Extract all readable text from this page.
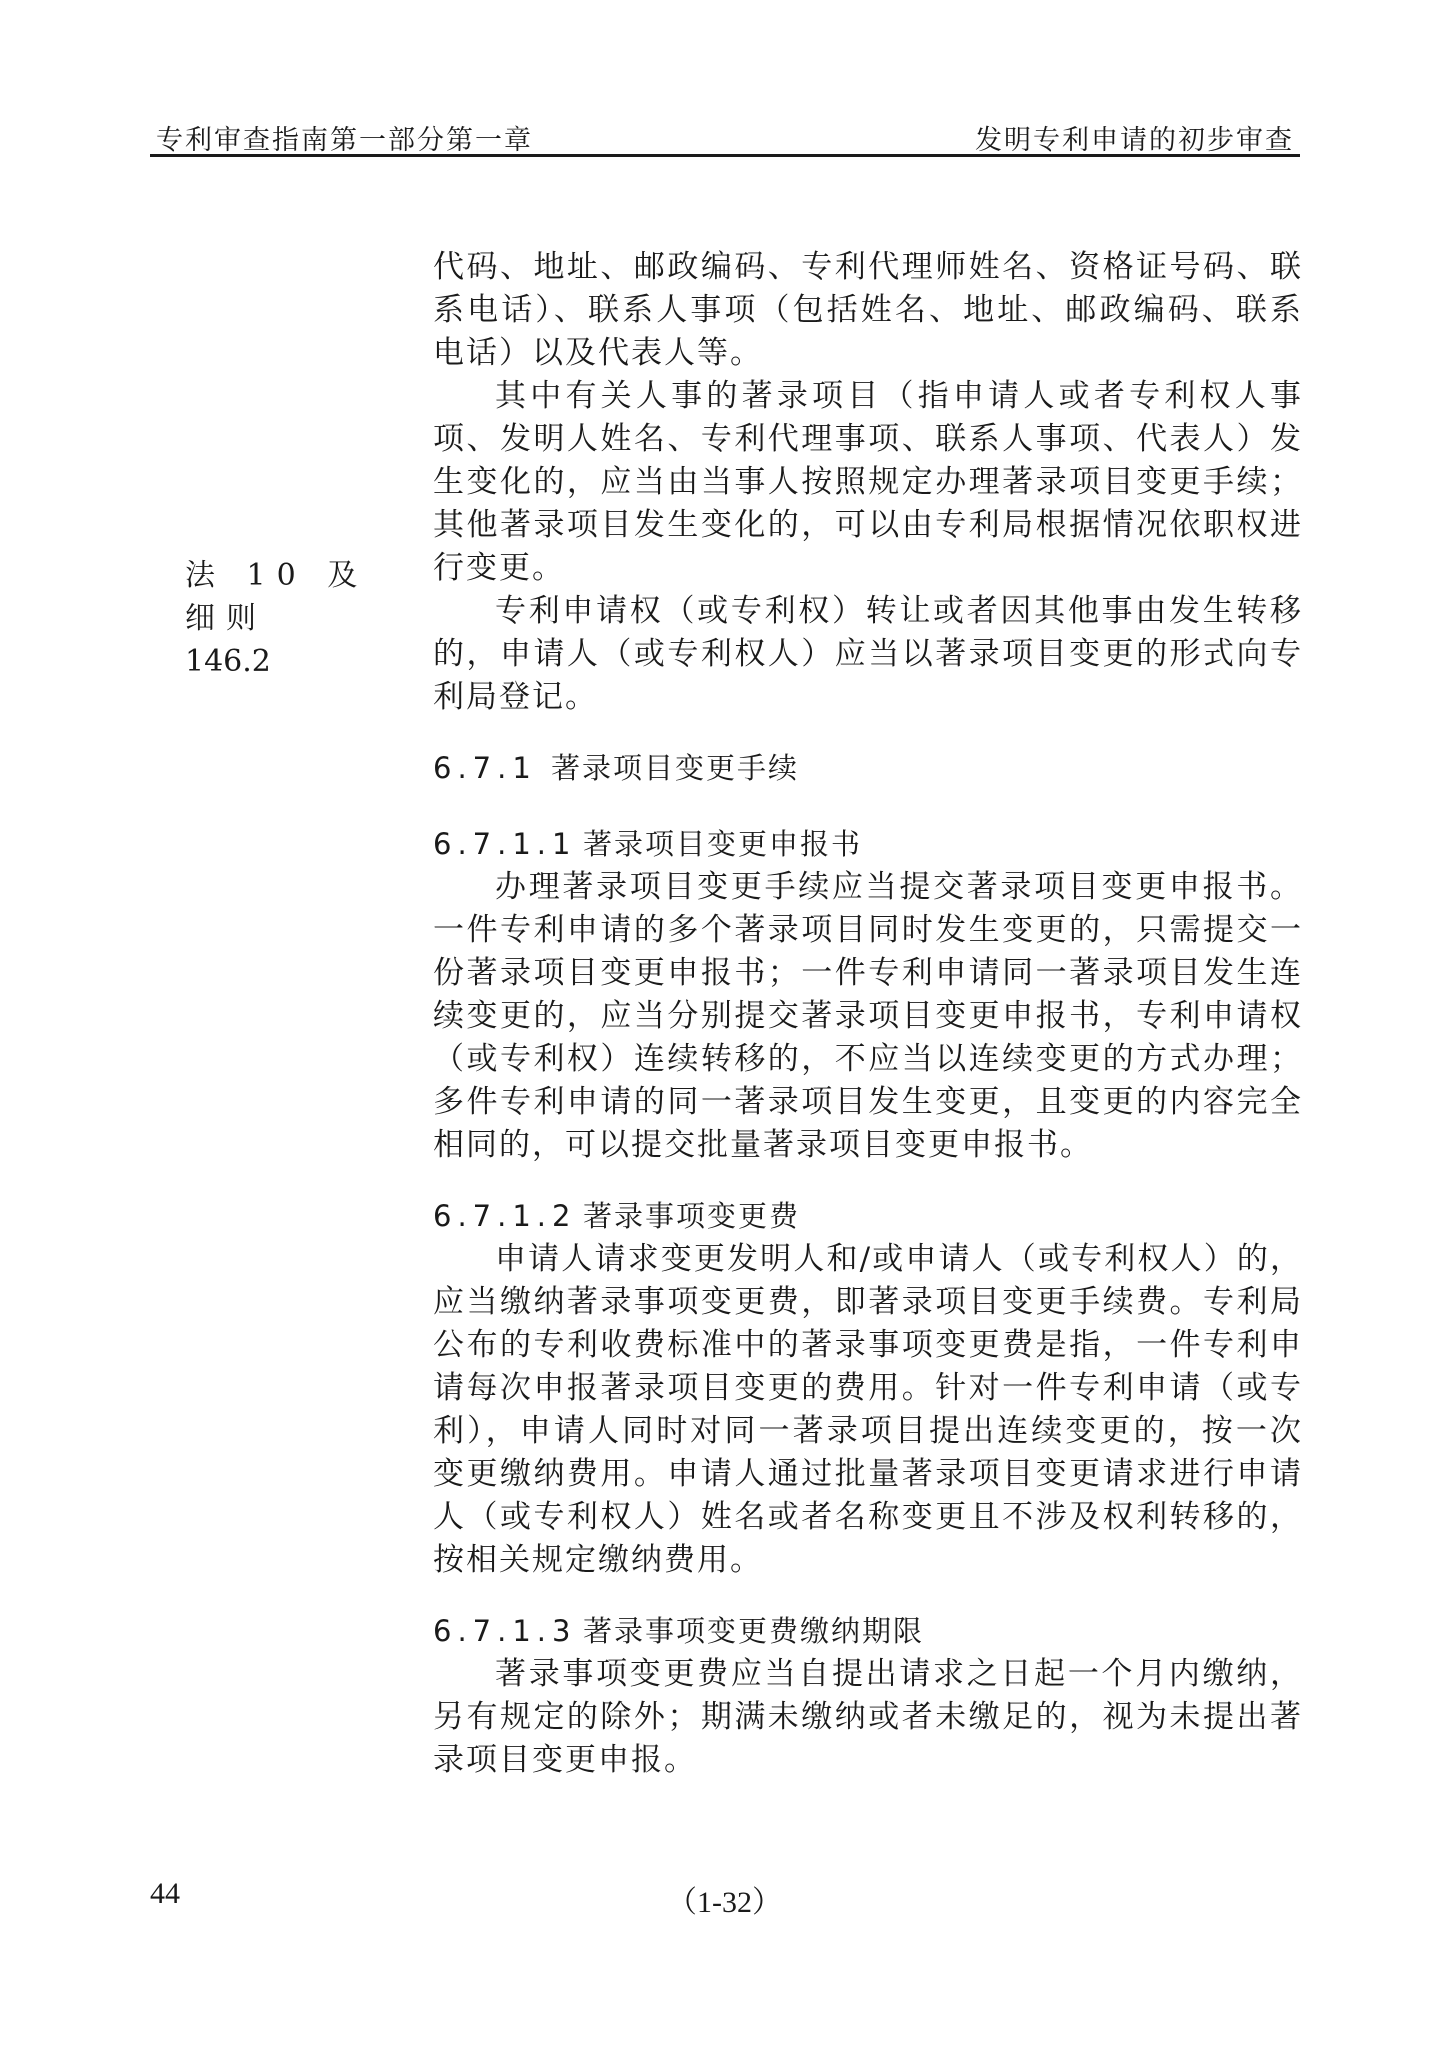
专利审查指南第一部分第一章	发明专利申请的初步审查
法 10 及细则
146.2

代码、地址、邮政编码、专利代理师姓名、资格证号码、联系电话）、联系人事项（包括姓名、地址、邮政编码、联系电话）以及代表人等。

其中有关人事的著录项目（指申请人或者专利权人事项、发明人姓名、专利代理事项、联系人事项、代表人）发生变化的，应当由当事人按照规定办理著录项目变更手续；其他著录项目发生变化的，可以由专利局根据情况依职权进行变更。

专利申请权（或专利权）转让或者因其他事由发生转移的，申请人（或专利权人）应当以著录项目变更的形式向专利局登记。

6.7.1 著录项目变更手续
6.7.1.1 著录项目变更申报书

办理著录项目变更手续应当提交著录项目变更申报书。一件专利申请的多个著录项目同时发生变更的，只需提交一份著录项目变更申报书；一件专利申请同一著录项目发生连续变更的，应当分别提交著录项目变更申报书，专利申请权（或专利权）连续转移的，不应当以连续变更的方式办理；多件专利申请的同一著录项目发生变更，且变更的内容完全相同的，可以提交批量著录项目变更申报书。

6.7.1.2 著录事项变更费

申请人请求变更发明人和/或申请人（或专利权人）的，应当缴纳著录事项变更费，即著录项目变更手续费。专利局公布的专利收费标准中的著录事项变更费是指，一件专利申请每次申报著录项目变更的费用。针对一件专利申请（或专利），申请人同时对同一著录项目提出连续变更的，按一次变更缴纳费用。申请人通过批量著录项目变更请求进行申请人（或专利权人）姓名或者名称变更且不涉及权利转移的，按相关规定缴纳费用。

6.7.1.3 著录事项变更费缴纳期限

著录事项变更费应当自提出请求之日起一个月内缴纳，另有规定的除外；期满未缴纳或者未缴足的，视为未提出著录项目变更申报。

44	（1-32）
